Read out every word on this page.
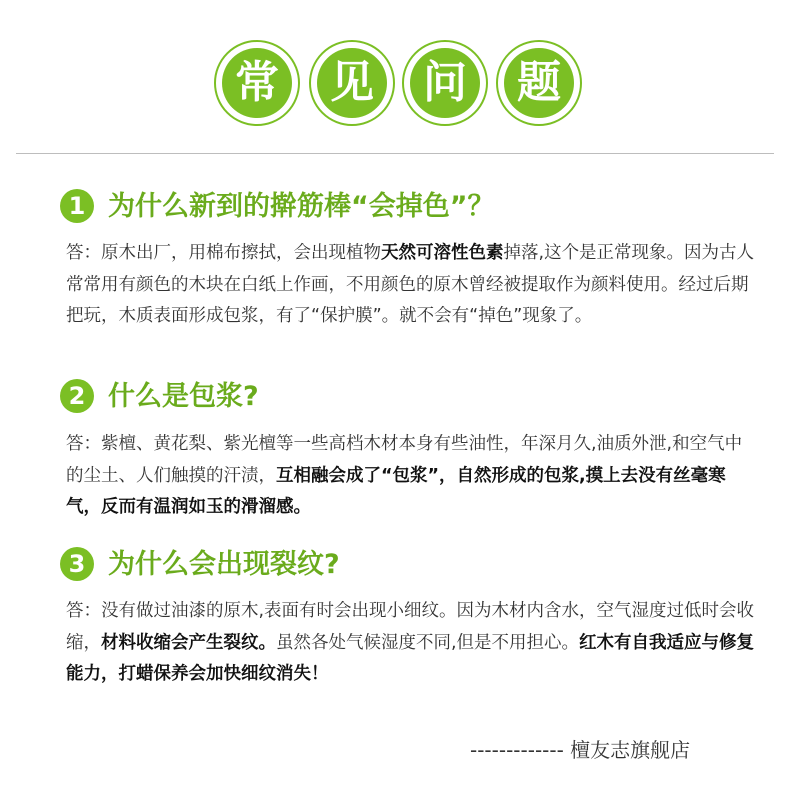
常 见 问 题
1 为什么新到的擀筋棒“会掉色”？
答：原木出厂，用棉布擦拭，会出现植物天然可溶性色素掉落,这个是正常现象。因为古人常常用有颜色的木块在白纸上作画，不用颜色的原木曾经被提取作为颜料使用。经过后期把玩，木质表面形成包浆，有了“保护膜”。就不会有“掉色”现象了。
2 什么是包浆?
答：紫檀、黄花梨、紫光檀等一些高档木材本身有些油性，年深月久,油质外泄,和空气中的尘土、人们触摸的汗渍，互相融会成了“包浆”，自然形成的包浆,摸上去没有丝毫寒气，反而有温润如玉的滑溜感。
3 为什么会出现裂纹?
答：没有做过油漆的原木,表面有时会出现小细纹。因为木材内含水，空气湿度过低时会收缩，材料收缩会产生裂纹。虽然各处气候湿度不同,但是不用担心。红木有自我适应与修复能力，打蜡保养会加快细纹消失！
------------- 檀友志旗舰店
